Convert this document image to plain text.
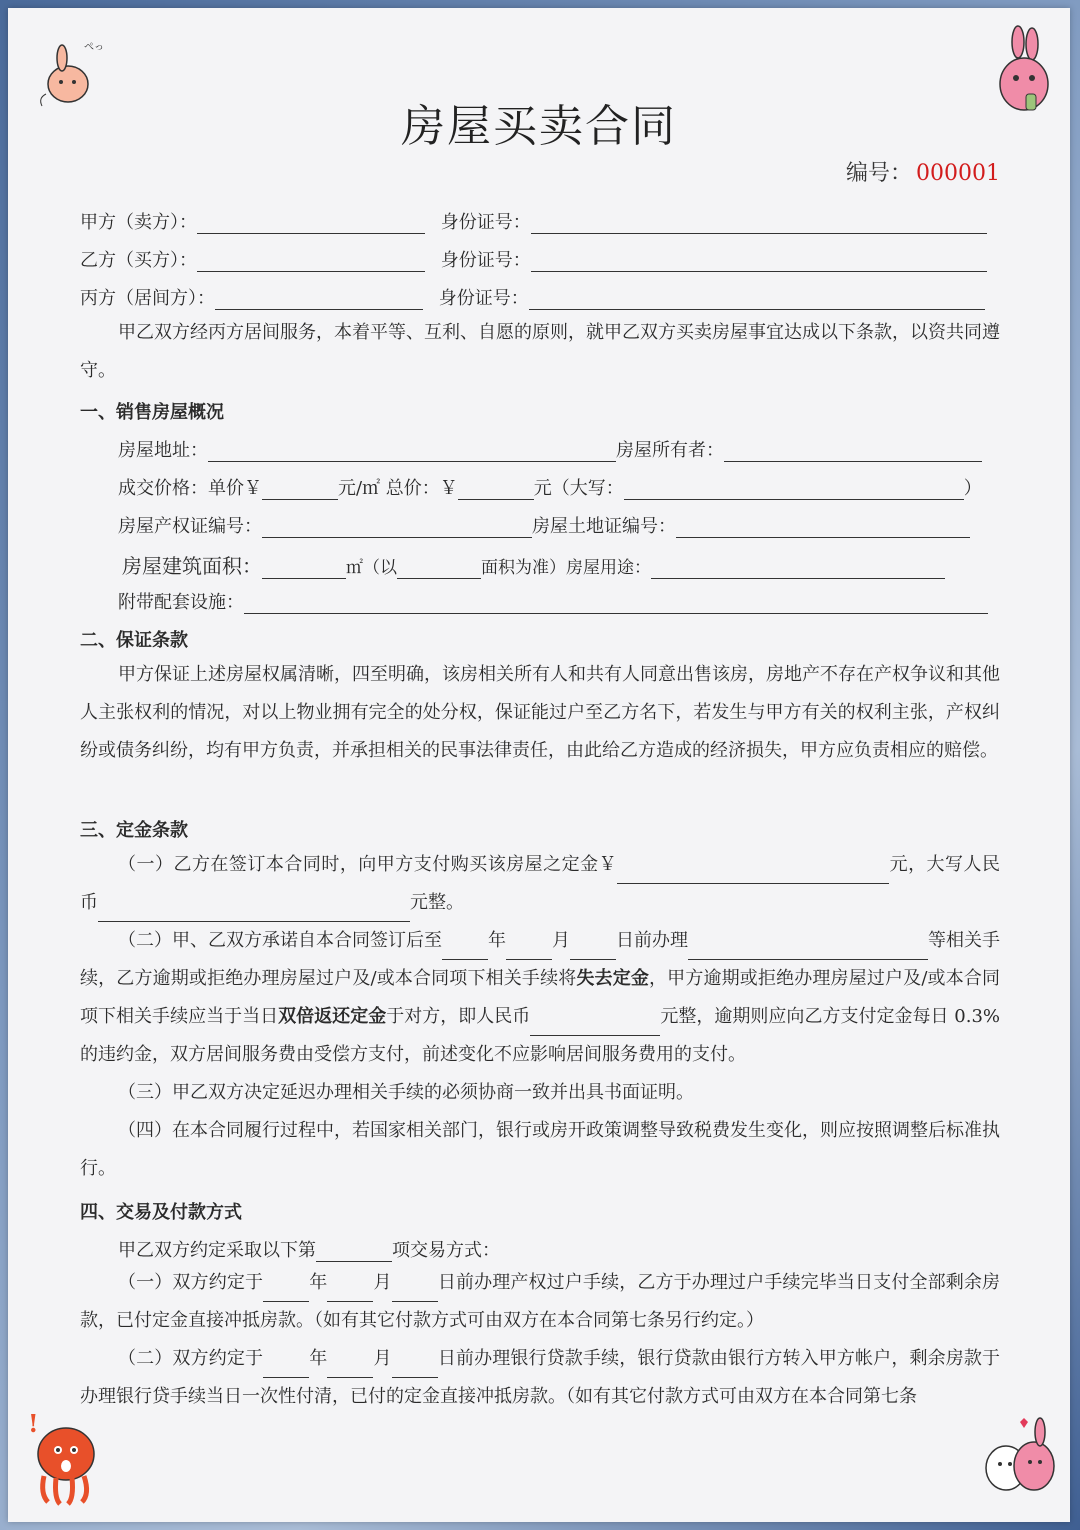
ぺっ
!
房屋买卖合同
编号： 000001
甲方（卖方）：	身份证号：
乙方（买方）：	身份证号：
丙方（居间方）：	身份证号：

甲乙双方经丙方居间服务，本着平等、互利、自愿的原则，就甲乙双方买卖房屋事宜达成以下条款，以资共同遵守。

一、销售房屋概况
房屋地址：	房屋所有者：
成交价格：单价￥	元/㎡ 总价：￥	元（大写：	）
房屋产权证编号：	房屋土地证编号：
房屋建筑面积：	㎡（以	面积为准）房屋用途：
附带配套设施：
二、保证条款

甲方保证上述房屋权属清晰，四至明确，该房相关所有人和共有人同意出售该房，房地产不存在产权争议和其他人主张权利的情况，对以上物业拥有完全的处分权，保证能过户至乙方名下，若发生与甲方有关的权利主张，产权纠纷或债务纠纷，均有甲方负责，并承担相关的民事法律责任，由此给乙方造成的经济损失，甲方应负责相应的赔偿。

三、定金条款

（一）乙方在签订本合同时，向甲方支付购买该房屋之定金￥	元，大写人民币	元整。

（二）甲、乙双方承诺自本合同签订后至	年	月	日前办理	等相关手续，乙方逾期或拒绝办理房屋过户及/或本合同项下相关手续将失去定金，甲方逾期或拒绝办理房屋过户及/或本合同项下相关手续应当于当日双倍返还定金于对方，即人民币	元整，逾期则应向乙方支付定金每日 0.3%的违约金，双方居间服务费由受偿方支付，前述变化不应影响居间服务费用的支付。

（三）甲乙双方决定延迟办理相关手续的必须协商一致并出具书面证明。

（四）在本合同履行过程中，若国家相关部门，银行或房开政策调整导致税费发生变化，则应按照调整后标准执行。

四、交易及付款方式
甲乙双方约定采取以下第	项交易方式：

（一）双方约定于	年	月	日前办理产权过户手续，乙方于办理过户手续完毕当日支付全部剩余房款，已付定金直接冲抵房款。（如有其它付款方式可由双方在本合同第七条另行约定。）

（二）双方约定于	年	月	日前办理银行贷款手续，银行贷款由银行方转入甲方帐户，剩余房款于办理银行贷手续当日一次性付清，已付的定金直接冲抵房款。（如有其它付款方式可由双方在本合同第七条
